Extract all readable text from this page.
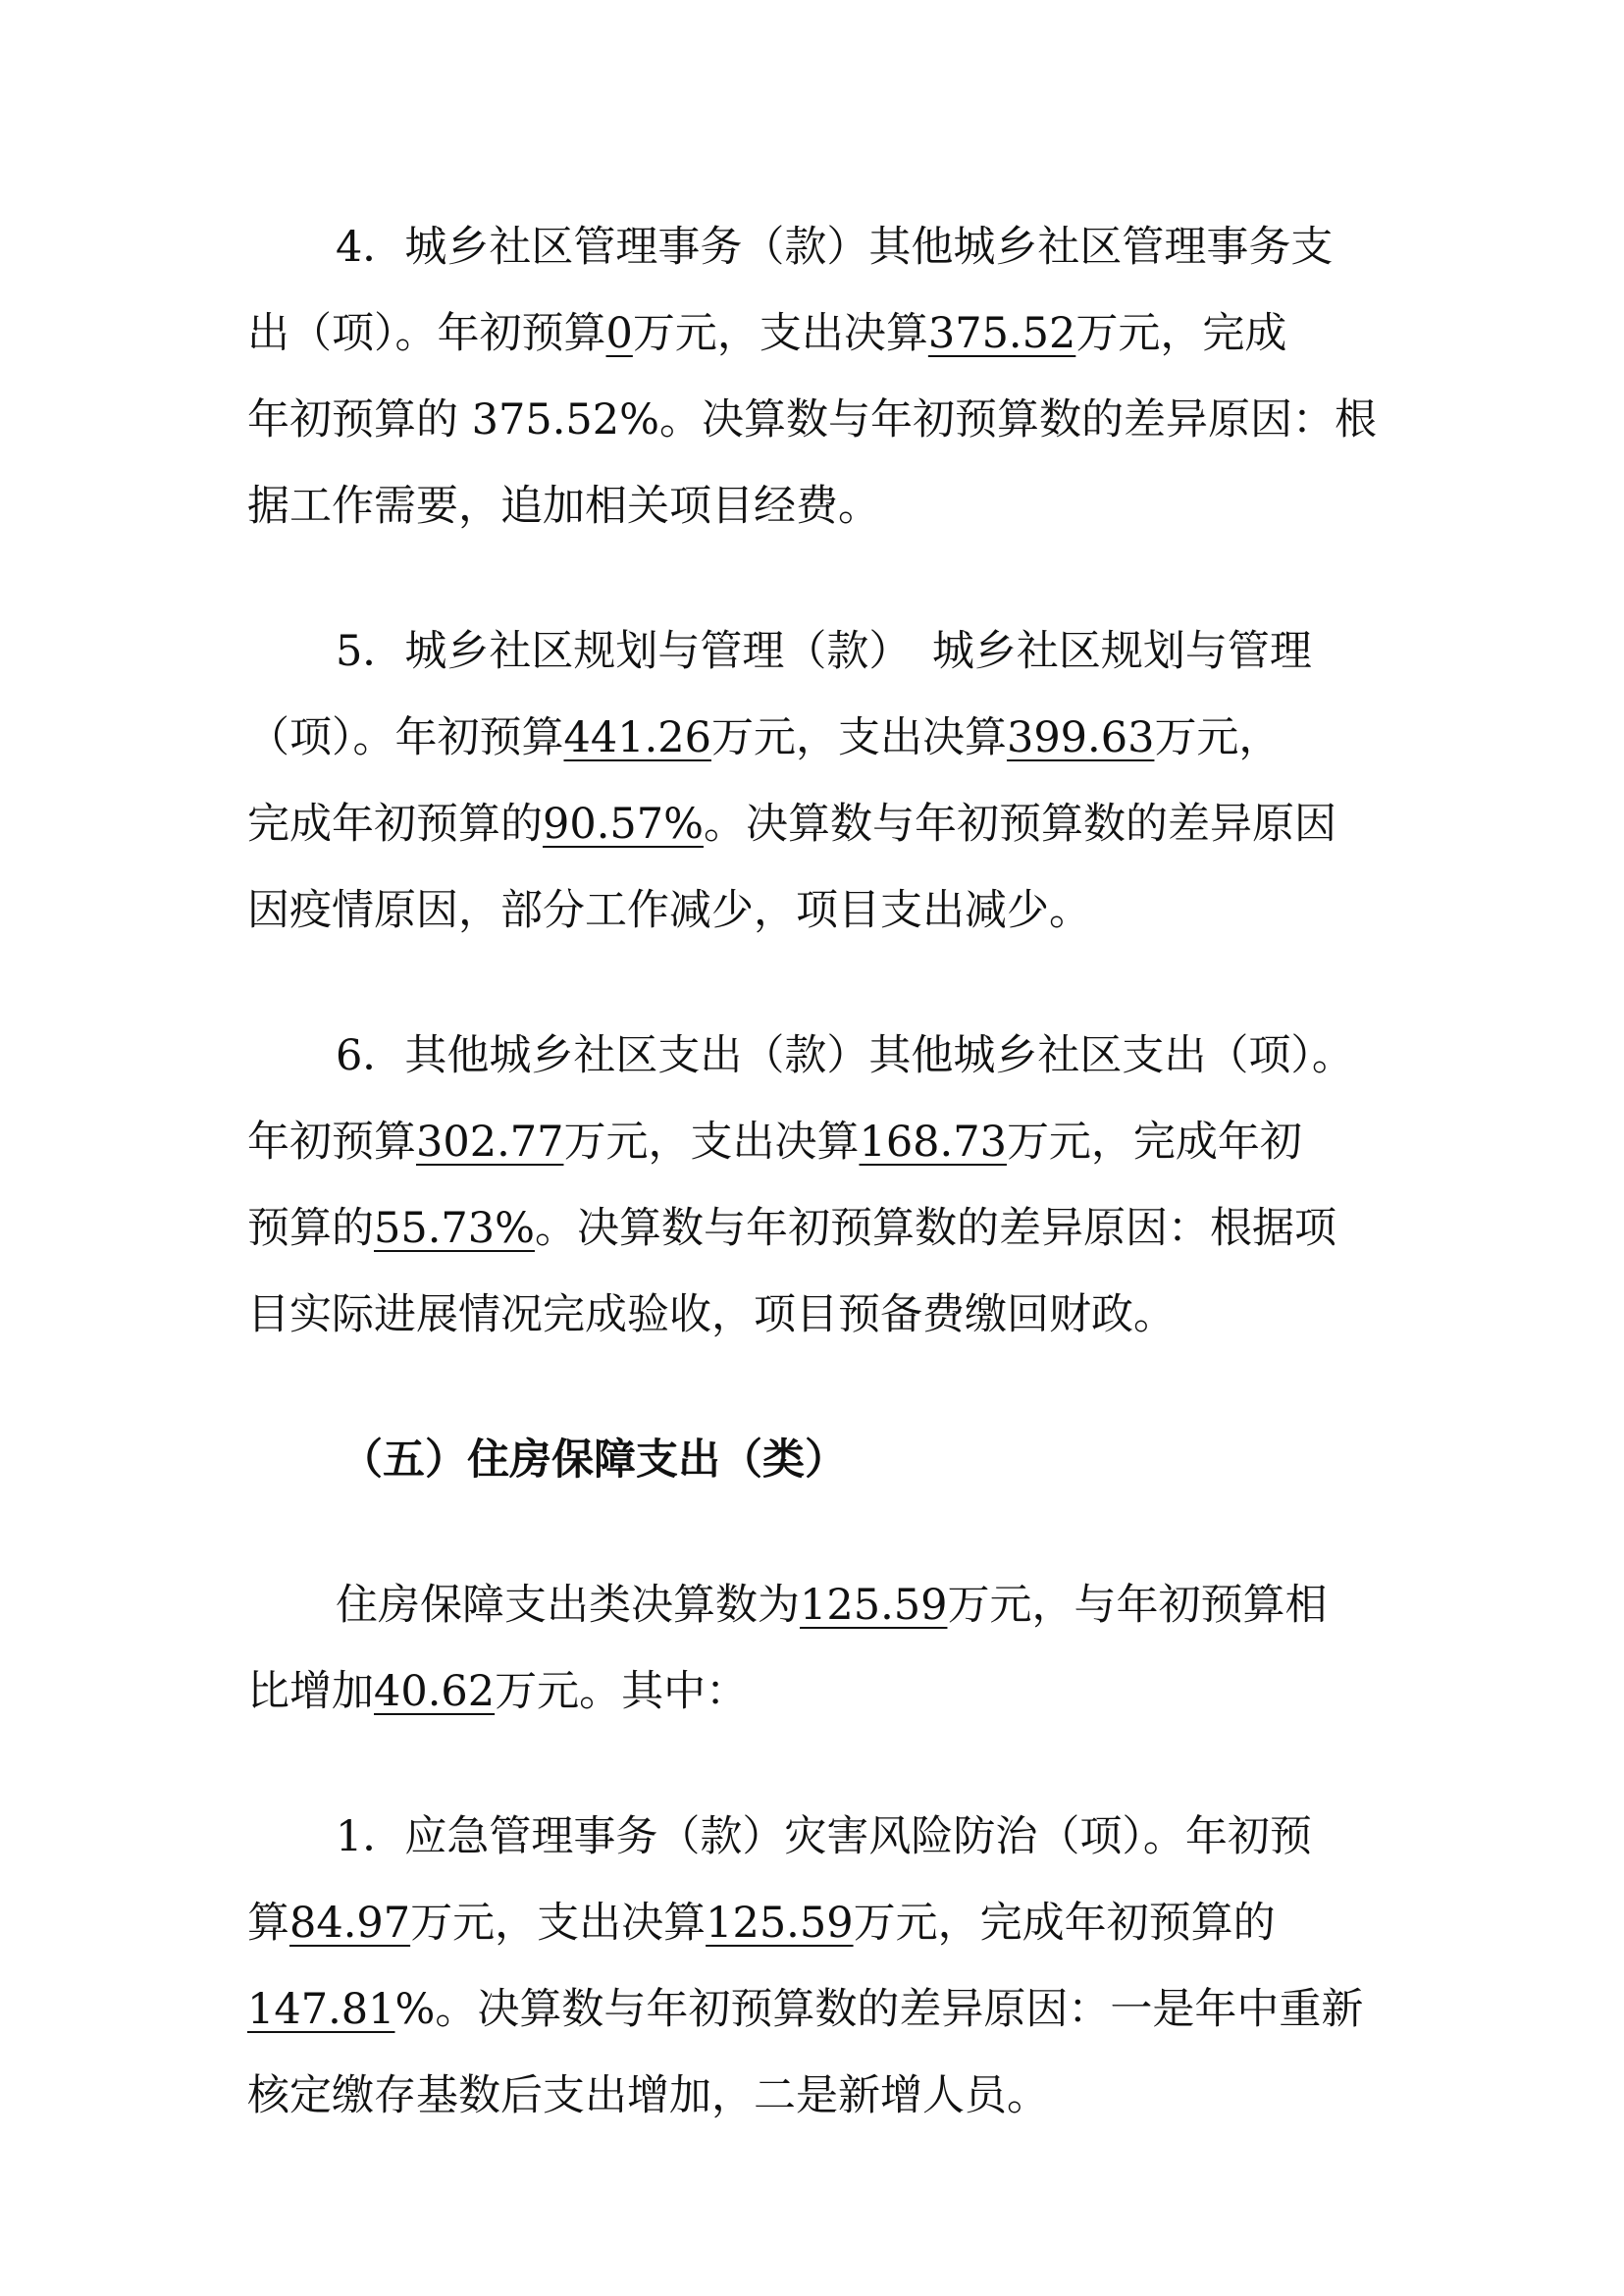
4．城乡社区管理事务（款）其他城乡社区管理事务支
出（项）。年初预算0万元，支出决算375.52万元，完成
年初预算的 375.52%。决算数与年初预算数的差异原因：根
据工作需要，追加相关项目经费。
5．城乡社区规划与管理（款）　城乡社区规划与管理
（项）。年初预算441.26万元，支出决算399.63万元，
完成年初预算的90.57%。决算数与年初预算数的差异原因
因疫情原因，部分工作减少，项目支出减少。
6．其他城乡社区支出（款）其他城乡社区支出（项）。
年初预算302.77万元，支出决算168.73万元，完成年初
预算的55.73%。决算数与年初预算数的差异原因：根据项
目实际进展情况完成验收，项目预备费缴回财政。
（五）住房保障支出（类）
住房保障支出类决算数为125.59万元，与年初预算相
比增加40.62万元。其中：
1．应急管理事务（款）灾害风险防治（项）。年初预
算84.97万元，支出决算125.59万元，完成年初预算的
147.81%。决算数与年初预算数的差异原因：一是年中重新
核定缴存基数后支出增加，二是新增人员。
